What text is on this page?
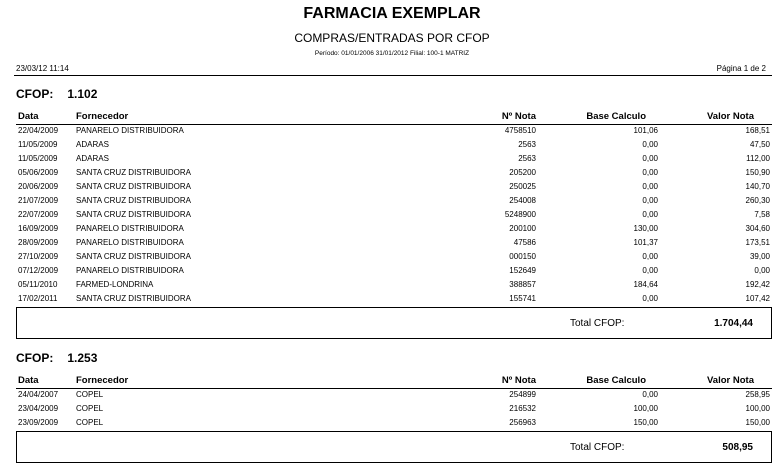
FARMACIA EXEMPLAR
COMPRAS/ENTRADAS POR CFOP
Período: 01/01/2006 31/01/2012 Filial: 100-1 MATRIZ
23/03/12 11:14	Página 1 de 2
CFOP: 1.102
Data	Fornecedor	Nº Nota	Base Calculo	Valor Nota
22/04/2009 PANARELO DISTRIBUIDORA	4758510	101,06	168,51
11/05/2009 ADARAS	2563	0,00	47,50
11/05/2009 ADARAS	2563	0,00	112,00
05/06/2009 SANTA CRUZ DISTRIBUIDORA	205200	0,00	150,90
20/06/2009 SANTA CRUZ DISTRIBUIDORA	250025	0,00	140,70
21/07/2009 SANTA CRUZ DISTRIBUIDORA	254008	0,00	260,30
22/07/2009 SANTA CRUZ DISTRIBUIDORA	5248900	0,00	7,58
16/09/2009 PANARELO DISTRIBUIDORA	200100	130,00	304,60
28/09/2009 PANARELO DISTRIBUIDORA	47586	101,37	173,51
27/10/2009 SANTA CRUZ DISTRIBUIDORA	000150	0,00	39,00
07/12/2009 PANARELO DISTRIBUIDORA	152649	0,00	0,00
05/11/2010 FARMED-LONDRINA	388857	184,64	192,42
17/02/2011 SANTA CRUZ DISTRIBUIDORA	155741	0,00	107,42
Total CFOP:	1.704,44
CFOP: 1.253
Data	Fornecedor	Nº Nota	Base Calculo	Valor Nota
24/04/2007 COPEL	254899	0,00	258,95
23/04/2009 COPEL	216532	100,00	100,00
23/09/2009 COPEL	256963	150,00	150,00
Total CFOP:	508,95
